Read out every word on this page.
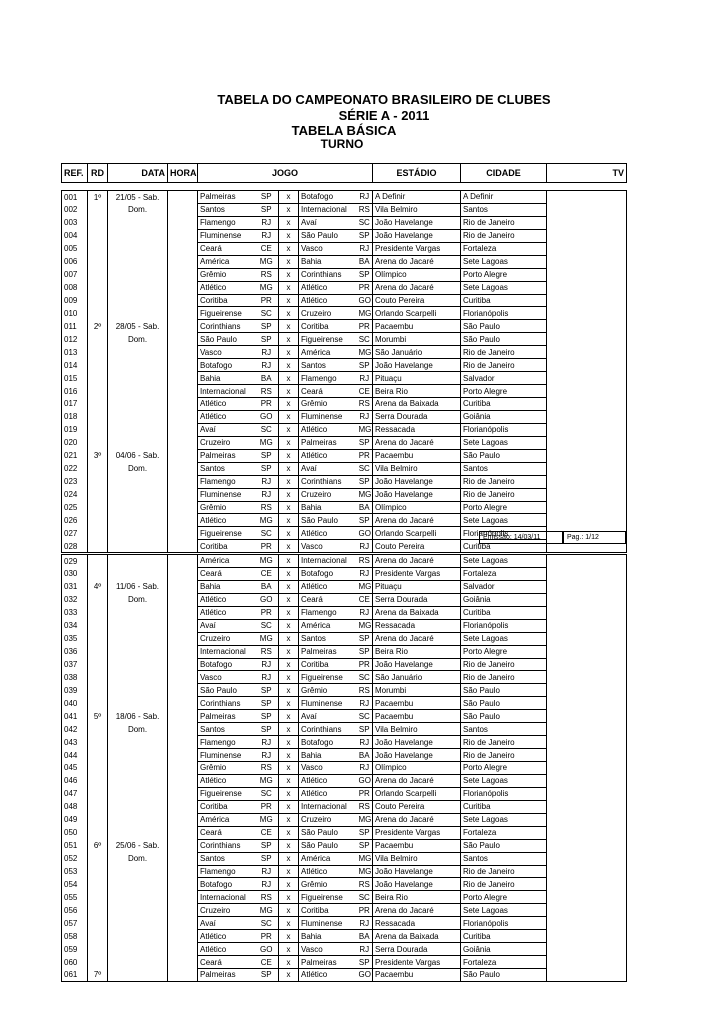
TABELA DO CAMPEONATO BRASILEIRO DE CLUBES
SÉRIE A - 2011
TABELA BÁSICA
TURNO
REF.	RD	DATA	HORA	JOGO	ESTÁDIO	CIDADE	TV
001	1º	21/05 - Sab.		Palmeiras	SP	x	Botafogo	RJ	A Definir	A Definir	
002		Dom.		Santos	SP	x	Internacional	RS	Vila Belmiro	Santos	
003				Flamengo	RJ	x	Avaí	SC	João Havelange	Rio de Janeiro	
004				Fluminense	RJ	x	São Paulo	SP	João Havelange	Rio de Janeiro	
005				Ceará	CE	x	Vasco	RJ	Presidente Vargas	Fortaleza	
006				América	MG	x	Bahia	BA	Arena do Jacaré	Sete Lagoas	
007				Grêmio	RS	x	Corinthians	SP	Olímpico	Porto Alegre	
008				Atlético	MG	x	Atlético	PR	Arena do Jacaré	Sete Lagoas	
009				Coritiba	PR	x	Atlético	GO	Couto Pereira	Curitiba	
010				Figueirense	SC	x	Cruzeiro	MG	Orlando Scarpelli	Florianópolis	
011	2º	28/05 - Sab.		Corinthians	SP	x	Coritiba	PR	Pacaembu	São Paulo	
012		Dom.		São Paulo	SP	x	Figueirense	SC	Morumbi	São Paulo	
013				Vasco	RJ	x	América	MG	São Januário	Rio de Janeiro	
014				Botafogo	RJ	x	Santos	SP	João Havelange	Rio de Janeiro	
015				Bahia	BA	x	Flamengo	RJ	Pituaçu	Salvador	
016				Internacional	RS	x	Ceará	CE	Beira Rio	Porto Alegre	
017				Atlético	PR	x	Grêmio	RS	Arena da Baixada	Curitiba	
018				Atlético	GO	x	Fluminense	RJ	Serra Dourada	Goiânia	
019				Avaí	SC	x	Atlético	MG	Ressacada	Florianópolis	
020				Cruzeiro	MG	x	Palmeiras	SP	Arena do Jacaré	Sete Lagoas	
021	3º	04/06 - Sab.		Palmeiras	SP	x	Atlético	PR	Pacaembu	São Paulo	
022		Dom.		Santos	SP	x	Avaí	SC	Vila Belmiro	Santos	
023				Flamengo	RJ	x	Corinthians	SP	João Havelange	Rio de Janeiro	
024				Fluminense	RJ	x	Cruzeiro	MG	João Havelange	Rio de Janeiro	
025				Grêmio	RS	x	Bahia	BA	Olímpico	Porto Alegre	
026				Atlético	MG	x	São Paulo	SP	Arena do Jacaré	Sete Lagoas	
027				Figueirense	SC	x	Atlético	GO	Orlando Scarpelli	Florianópolis	
028				Coritiba	PR	x	Vasco	RJ	Couto Pereira	Curitiba	
Emissão: 14/03/11	Pag.: 1/12
029				América	MG	x	Internacional	RS	Arena do Jacaré	Sete Lagoas	
030				Ceará	CE	x	Botafogo	RJ	Presidente Vargas	Fortaleza	
031	4º	11/06 - Sab.		Bahia	BA	x	Atlético	MG	Pituaçu	Salvador	
032		Dom.		Atlético	GO	x	Ceará	CE	Serra Dourada	Goiânia	
033				Atlético	PR	x	Flamengo	RJ	Arena da Baixada	Curitiba	
034				Avaí	SC	x	América	MG	Ressacada	Florianópolis	
035				Cruzeiro	MG	x	Santos	SP	Arena do Jacaré	Sete Lagoas	
036				Internacional	RS	x	Palmeiras	SP	Beira Rio	Porto Alegre	
037				Botafogo	RJ	x	Coritiba	PR	João Havelange	Rio de Janeiro	
038				Vasco	RJ	x	Figueirense	SC	São Januário	Rio de Janeiro	
039				São Paulo	SP	x	Grêmio	RS	Morumbi	São Paulo	
040				Corinthians	SP	x	Fluminense	RJ	Pacaembu	São Paulo	
041	5º	18/06 - Sab.		Palmeiras	SP	x	Avaí	SC	Pacaembu	São Paulo	
042		Dom.		Santos	SP	x	Corinthians	SP	Vila Belmiro	Santos	
043				Flamengo	RJ	x	Botafogo	RJ	João Havelange	Rio de Janeiro	
044				Fluminense	RJ	x	Bahia	BA	João Havelange	Rio de Janeiro	
045				Grêmio	RS	x	Vasco	RJ	Olímpico	Porto Alegre	
046				Atlético	MG	x	Atlético	GO	Arena do Jacaré	Sete Lagoas	
047				Figueirense	SC	x	Atlético	PR	Orlando Scarpelli	Florianópolis	
048				Coritiba	PR	x	Internacional	RS	Couto Pereira	Curitiba	
049				América	MG	x	Cruzeiro	MG	Arena do Jacaré	Sete Lagoas	
050				Ceará	CE	x	São Paulo	SP	Presidente Vargas	Fortaleza	
051	6º	25/06 - Sab.		Corinthians	SP	x	São Paulo	SP	Pacaembu	São Paulo	
052		Dom.		Santos	SP	x	América	MG	Vila Belmiro	Santos	
053				Flamengo	RJ	x	Atlético	MG	João Havelange	Rio de Janeiro	
054				Botafogo	RJ	x	Grêmio	RS	João Havelange	Rio de Janeiro	
055				Internacional	RS	x	Figueirense	SC	Beira Rio	Porto Alegre	
056				Cruzeiro	MG	x	Coritiba	PR	Arena do Jacaré	Sete Lagoas	
057				Avaí	SC	x	Fluminense	RJ	Ressacada	Florianópolis	
058				Atlético	PR	x	Bahia	BA	Arena da Baixada	Curitiba	
059				Atlético	GO	x	Vasco	RJ	Serra Dourada	Goiânia	
060				Ceará	CE	x	Palmeiras	SP	Presidente Vargas	Fortaleza	
061	7º			Palmeiras	SP	x	Atlético	GO	Pacaembu	São Paulo	
